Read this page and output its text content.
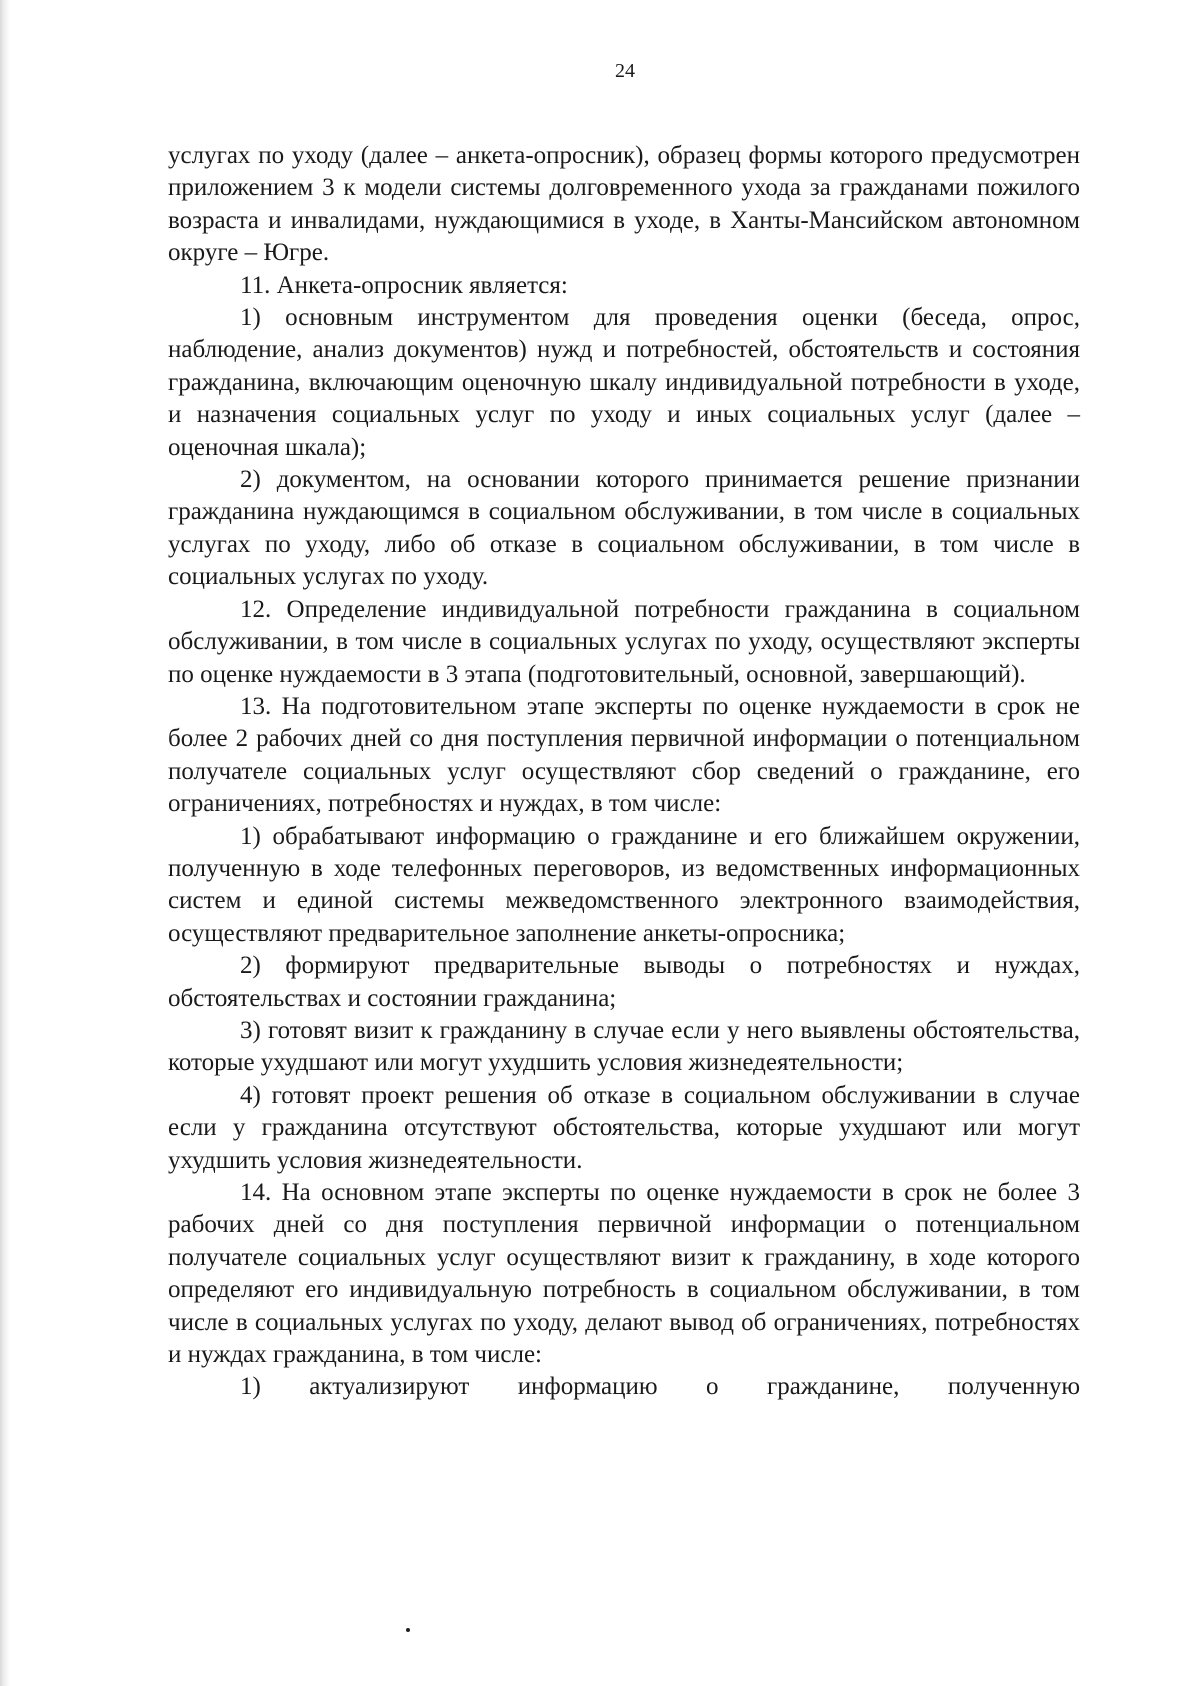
24

услугах по уходу (далее – анкета-опросник), образец формы которого предусмотрен приложением 3 к модели системы долговременного ухода за гражданами пожилого возраста и инвалидами, нуждающимися в уходе, в Ханты-Мансийском автономном округе – Югре.

11. Анкета-опросник является:

1) основным инструментом для проведения оценки (беседа, опрос, наблюдение, анализ документов) нужд и потребностей, обстоятельств и состояния гражданина, включающим оценочную шкалу индивидуальной потребности в уходе, и назначения социальных услуг по уходу и иных социальных услуг (далее – оценочная шкала);

2) документом, на основании которого принимается решение признании гражданина нуждающимся в социальном обслуживании, в том числе в социальных услугах по уходу, либо об отказе в социальном обслуживании, в том числе в социальных услугах по уходу.

12. Определение индивидуальной потребности гражданина в социальном обслуживании, в том числе в социальных услугах по уходу, осуществляют эксперты по оценке нуждаемости в 3 этапа (подготовительный, основной, завершающий).

13. На подготовительном этапе эксперты по оценке нуждаемости в срок не более 2 рабочих дней со дня поступления первичной информации о потенциальном получателе социальных услуг осуществляют сбор сведений о гражданине, его ограничениях, потребностях и нуждах, в том числе:

1) обрабатывают информацию о гражданине и его ближайшем окружении, полученную в ходе телефонных переговоров, из ведомственных информационных систем и единой системы межведомственного электронного взаимодействия, осуществляют предварительное заполнение анкеты-опросника;

2) формируют предварительные выводы о потребностях и нуждах, обстоятельствах и состоянии гражданина;

3) готовят визит к гражданину в случае если у него выявлены обстоятельства, которые ухудшают или могут ухудшить условия жизнедеятельности;

4) готовят проект решения об отказе в социальном обслуживании в случае если у гражданина отсутствуют обстоятельства, которые ухудшают или могут ухудшить условия жизнедеятельности.

14. На основном этапе эксперты по оценке нуждаемости в срок не более 3 рабочих дней со дня поступления первичной информации о потенциальном получателе социальных услуг осуществляют визит к гражданину, в ходе которого определяют его индивидуальную потребность в социальном обслуживании, в том числе в социальных услугах по уходу, делают вывод об ограничениях, потребностях и нуждах гражданина, в том числе:

1) актуализируют информацию о гражданине, полученную
